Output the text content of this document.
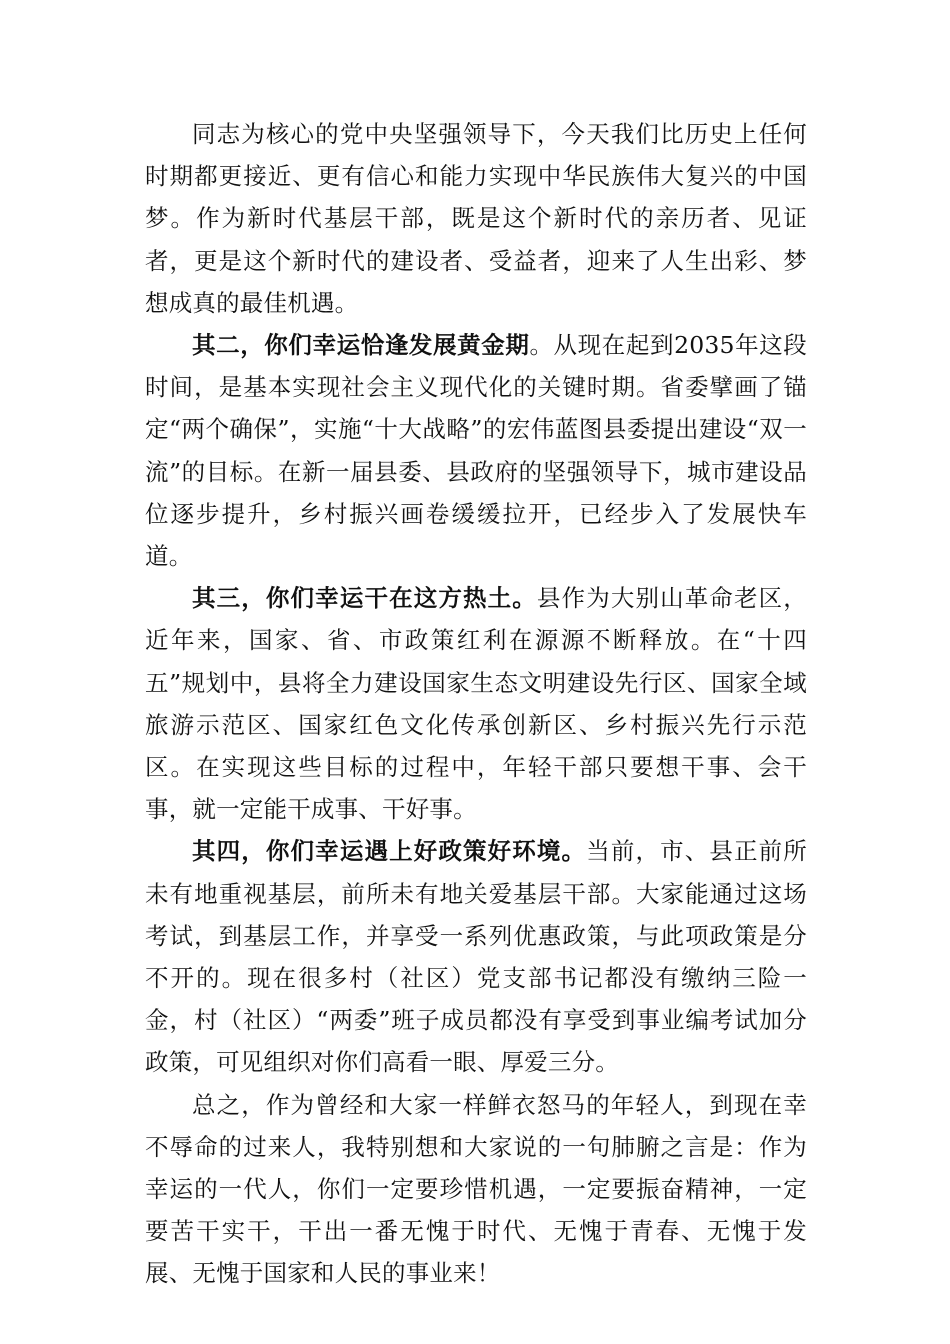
同志为核心的党中央坚强领导下，今天我们比历史上任何时期都更接近、更有信心和能力实现中华民族伟大复兴的中国梦。作为新时代基层干部，既是这个新时代的亲历者、见证者，更是这个新时代的建设者、受益者，迎来了人生出彩、梦想成真的最佳机遇。

其二，你们幸运恰逢发展黄金期。从现在起到2035年这段时间，是基本实现社会主义现代化的关键时期。省委擘画了锚定“两个确保”，实施“十大战略”的宏伟蓝图县委提出建设“双一流”的目标。在新一届县委、县政府的坚强领导下，城市建设品位逐步提升，乡村振兴画卷缓缓拉开，已经步入了发展快车道。

其三，你们幸运干在这方热土。县作为大别山革命老区，近年来，国家、省、市政策红利在源源不断释放。在“十四五”规划中，县将全力建设国家生态文明建设先行区、国家全域旅游示范区、国家红色文化传承创新区、乡村振兴先行示范区。在实现这些目标的过程中，年轻干部只要想干事、会干事，就一定能干成事、干好事。

其四，你们幸运遇上好政策好环境。当前，市、县正前所未有地重视基层，前所未有地关爱基层干部。大家能通过这场考试，到基层工作，并享受一系列优惠政策，与此项政策是分不开的。现在很多村（社区）党支部书记都没有缴纳三险一金，村（社区）“两委”班子成员都没有享受到事业编考试加分政策，可见组织对你们高看一眼、厚爱三分。

总之，作为曾经和大家一样鲜衣怒马的年轻人，到现在幸不辱命的过来人，我特别想和大家说的一句肺腑之言是：作为幸运的一代人，你们一定要珍惜机遇，一定要振奋精神，一定要苦干实干，干出一番无愧于时代、无愧于青春、无愧于发展、无愧于国家和人民的事业来！
